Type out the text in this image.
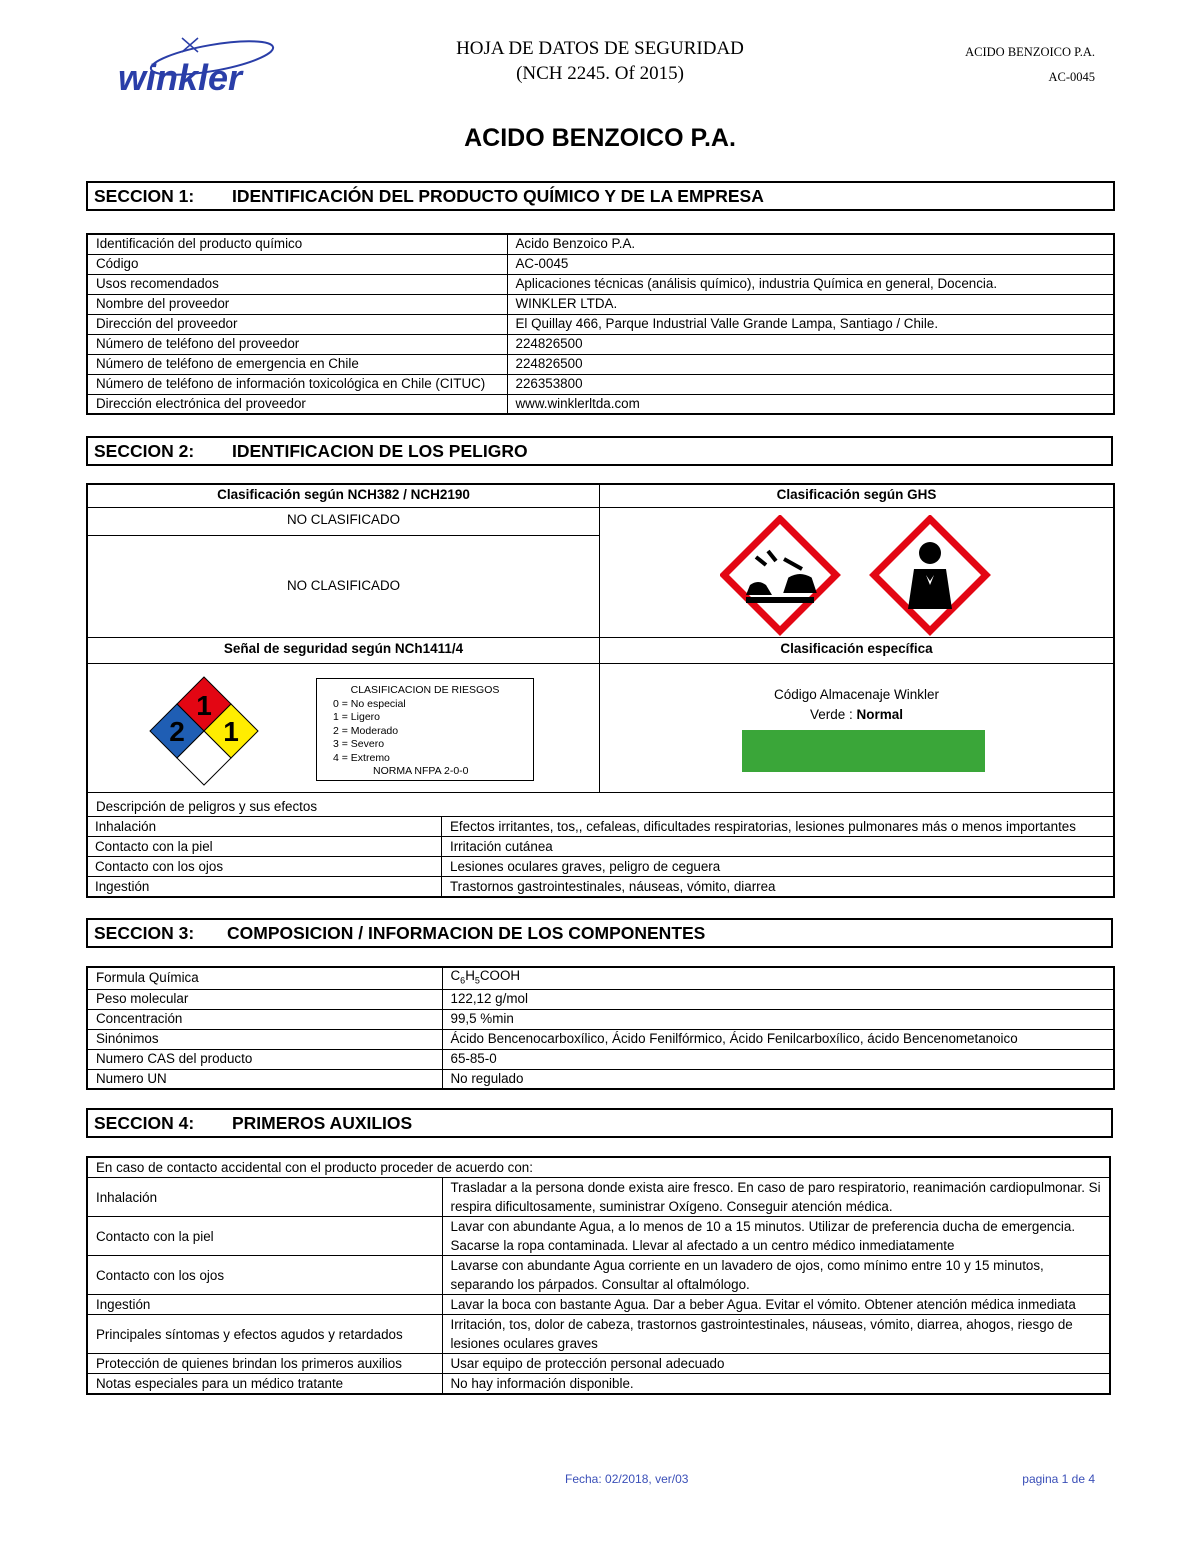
winkler
HOJA DE DATOS DE SEGURIDAD
(NCH 2245. Of 2015)
ACIDO BENZOICO P.A.
AC-0045
ACIDO BENZOICO P.A.
SECCION 1: IDENTIFICACIÓN DEL PRODUCTO QUÍMICO Y DE LA EMPRESA
Identificación del producto químico	Acido Benzoico P.A.
Código	AC-0045
Usos recomendados	Aplicaciones técnicas (análisis químico), industria Química en general, Docencia.
Nombre del proveedor	WINKLER LTDA.
Dirección del proveedor	El Quillay 466, Parque Industrial Valle Grande Lampa, Santiago / Chile.
Número de teléfono del proveedor	224826500
Número de teléfono de emergencia en Chile	224826500
Número de teléfono de información toxicológica en Chile (CITUC)	226353800
Dirección electrónica del proveedor	www.winklerltda.com
SECCION 2: IDENTIFICACION DE LOS PELIGRO
Clasificación según NCH382 / NCH2190	Clasificación según GHS
NO CLASIFICADO
NO CLASIFICADO
Señal de seguridad según NCh1411/4	Clasificación específica
1
2 1
CLASIFICACION DE RIESGOS
0 = No especial
1 = Ligero
2 = Moderado
3 = Severo
4 = Extremo
NORMA NFPA 2-0-0
Código Almacenaje Winkler
Verde : Normal
Descripción de peligros y sus efectos
Inhalación	Efectos irritantes, tos,, cefaleas, dificultades respiratorias, lesiones pulmonares más o menos importantes
Contacto con la piel	Irritación cutánea
Contacto con los ojos	Lesiones oculares graves, peligro de ceguera
Ingestión	Trastornos gastrointestinales, náuseas, vómito, diarrea
SECCION 3: COMPOSICION / INFORMACION DE LOS COMPONENTES
Formula Química	$C_6H_5COOH$
Peso molecular	122,12 g/mol
Concentración	99,5 %min
Sinónimos	Ácido Bencenocarboxílico, Ácido Fenilfórmico, Ácido Fenilcarboxílico, ácido Bencenometanoico
Numero CAS del producto	65-85-0
Numero UN	No regulado
SECCION 4: PRIMEROS AUXILIOS
En caso de contacto accidental con el producto proceder de acuerdo con:	
Inhalación	Trasladar a la persona donde exista aire fresco. En caso de paro respiratorio, reanimación cardiopulmonar. Si respira dificultosamente, suministrar Oxígeno. Conseguir atención médica.
Contacto con la piel	Lavar con abundante Agua, a lo menos de 10 a 15 minutos. Utilizar de preferencia ducha de emergencia. Sacarse la ropa contaminada. Llevar al afectado a un centro médico inmediatamente
Contacto con los ojos	Lavarse con abundante Agua corriente en un lavadero de ojos, como mínimo entre 10 y 15 minutos, separando los párpados. Consultar al oftalmólogo.
Ingestión	Lavar la boca con bastante Agua. Dar a beber Agua. Evitar el vómito. Obtener atención médica inmediata
Principales síntomas y efectos agudos y retardados	Irritación, tos, dolor de cabeza, trastornos gastrointestinales, náuseas, vómito, diarrea, ahogos, riesgo de lesiones oculares graves
Protección de quienes brindan los primeros auxilios	Usar equipo de protección personal adecuado
Notas especiales para un médico tratante	No hay información disponible.
Fecha: 02/2018, ver/03	pagina 1 de 4
